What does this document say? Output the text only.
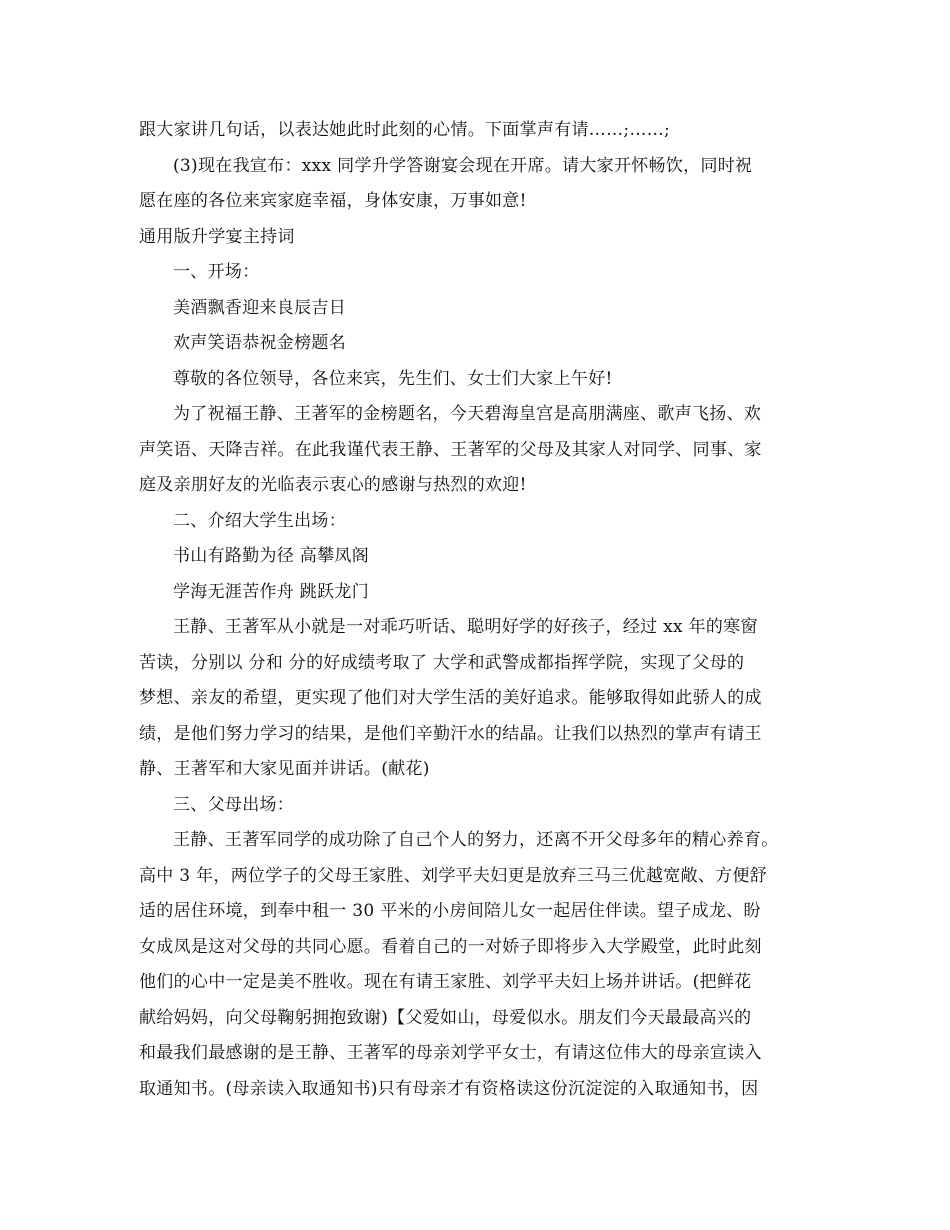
跟大家讲几句话，以表达她此时此刻的心情。下面掌声有请……;……;
(3)现在我宣布：xxx 同学升学答谢宴会现在开席。请大家开怀畅饮，同时祝
愿在座的各位来宾家庭幸福，身体安康，万事如意!
通用版升学宴主持词
一、开场：
美酒飘香迎来良辰吉日
欢声笑语恭祝金榜题名
尊敬的各位领导，各位来宾，先生们、女士们大家上午好!
为了祝福王静、王著军的金榜题名，今天碧海皇宫是高朋满座、歌声飞扬、欢
声笑语、天降吉祥。在此我谨代表王静、王著军的父母及其家人对同学、同事、家
庭及亲朋好友的光临表示衷心的感谢与热烈的欢迎!
二、介绍大学生出场：
书山有路勤为径 高攀凤阁
学海无涯苦作舟 跳跃龙门
王静、王著军从小就是一对乖巧听话、聪明好学的好孩子，经过 xx 年的寒窗
苦读，分别以 分和 分的好成绩考取了 大学和武警成都指挥学院，实现了父母的
梦想、亲友的希望，更实现了他们对大学生活的美好追求。能够取得如此骄人的成
绩，是他们努力学习的结果，是他们辛勤汗水的结晶。让我们以热烈的掌声有请王
静、王著军和大家见面并讲话。(献花)
三、父母出场：
王静、王著军同学的成功除了自己个人的努力，还离不开父母多年的精心养育。
高中 3 年，两位学子的父母王家胜、刘学平夫妇更是放弃三马三优越宽敞、方便舒
适的居住环境，到奉中租一 30 平米的小房间陪儿女一起居住伴读。望子成龙、盼
女成凤是这对父母的共同心愿。看着自己的一对娇子即将步入大学殿堂，此时此刻
他们的心中一定是美不胜收。现在有请王家胜、刘学平夫妇上场并讲话。(把鲜花
献给妈妈，向父母鞠躬拥抱致谢)【父爱如山，母爱似水。朋友们今天最最高兴的
和最我们最感谢的是王静、王著军的母亲刘学平女士，有请这位伟大的母亲宣读入
取通知书。(母亲读入取通知书)只有母亲才有资格读这份沉淀淀的入取通知书，因
